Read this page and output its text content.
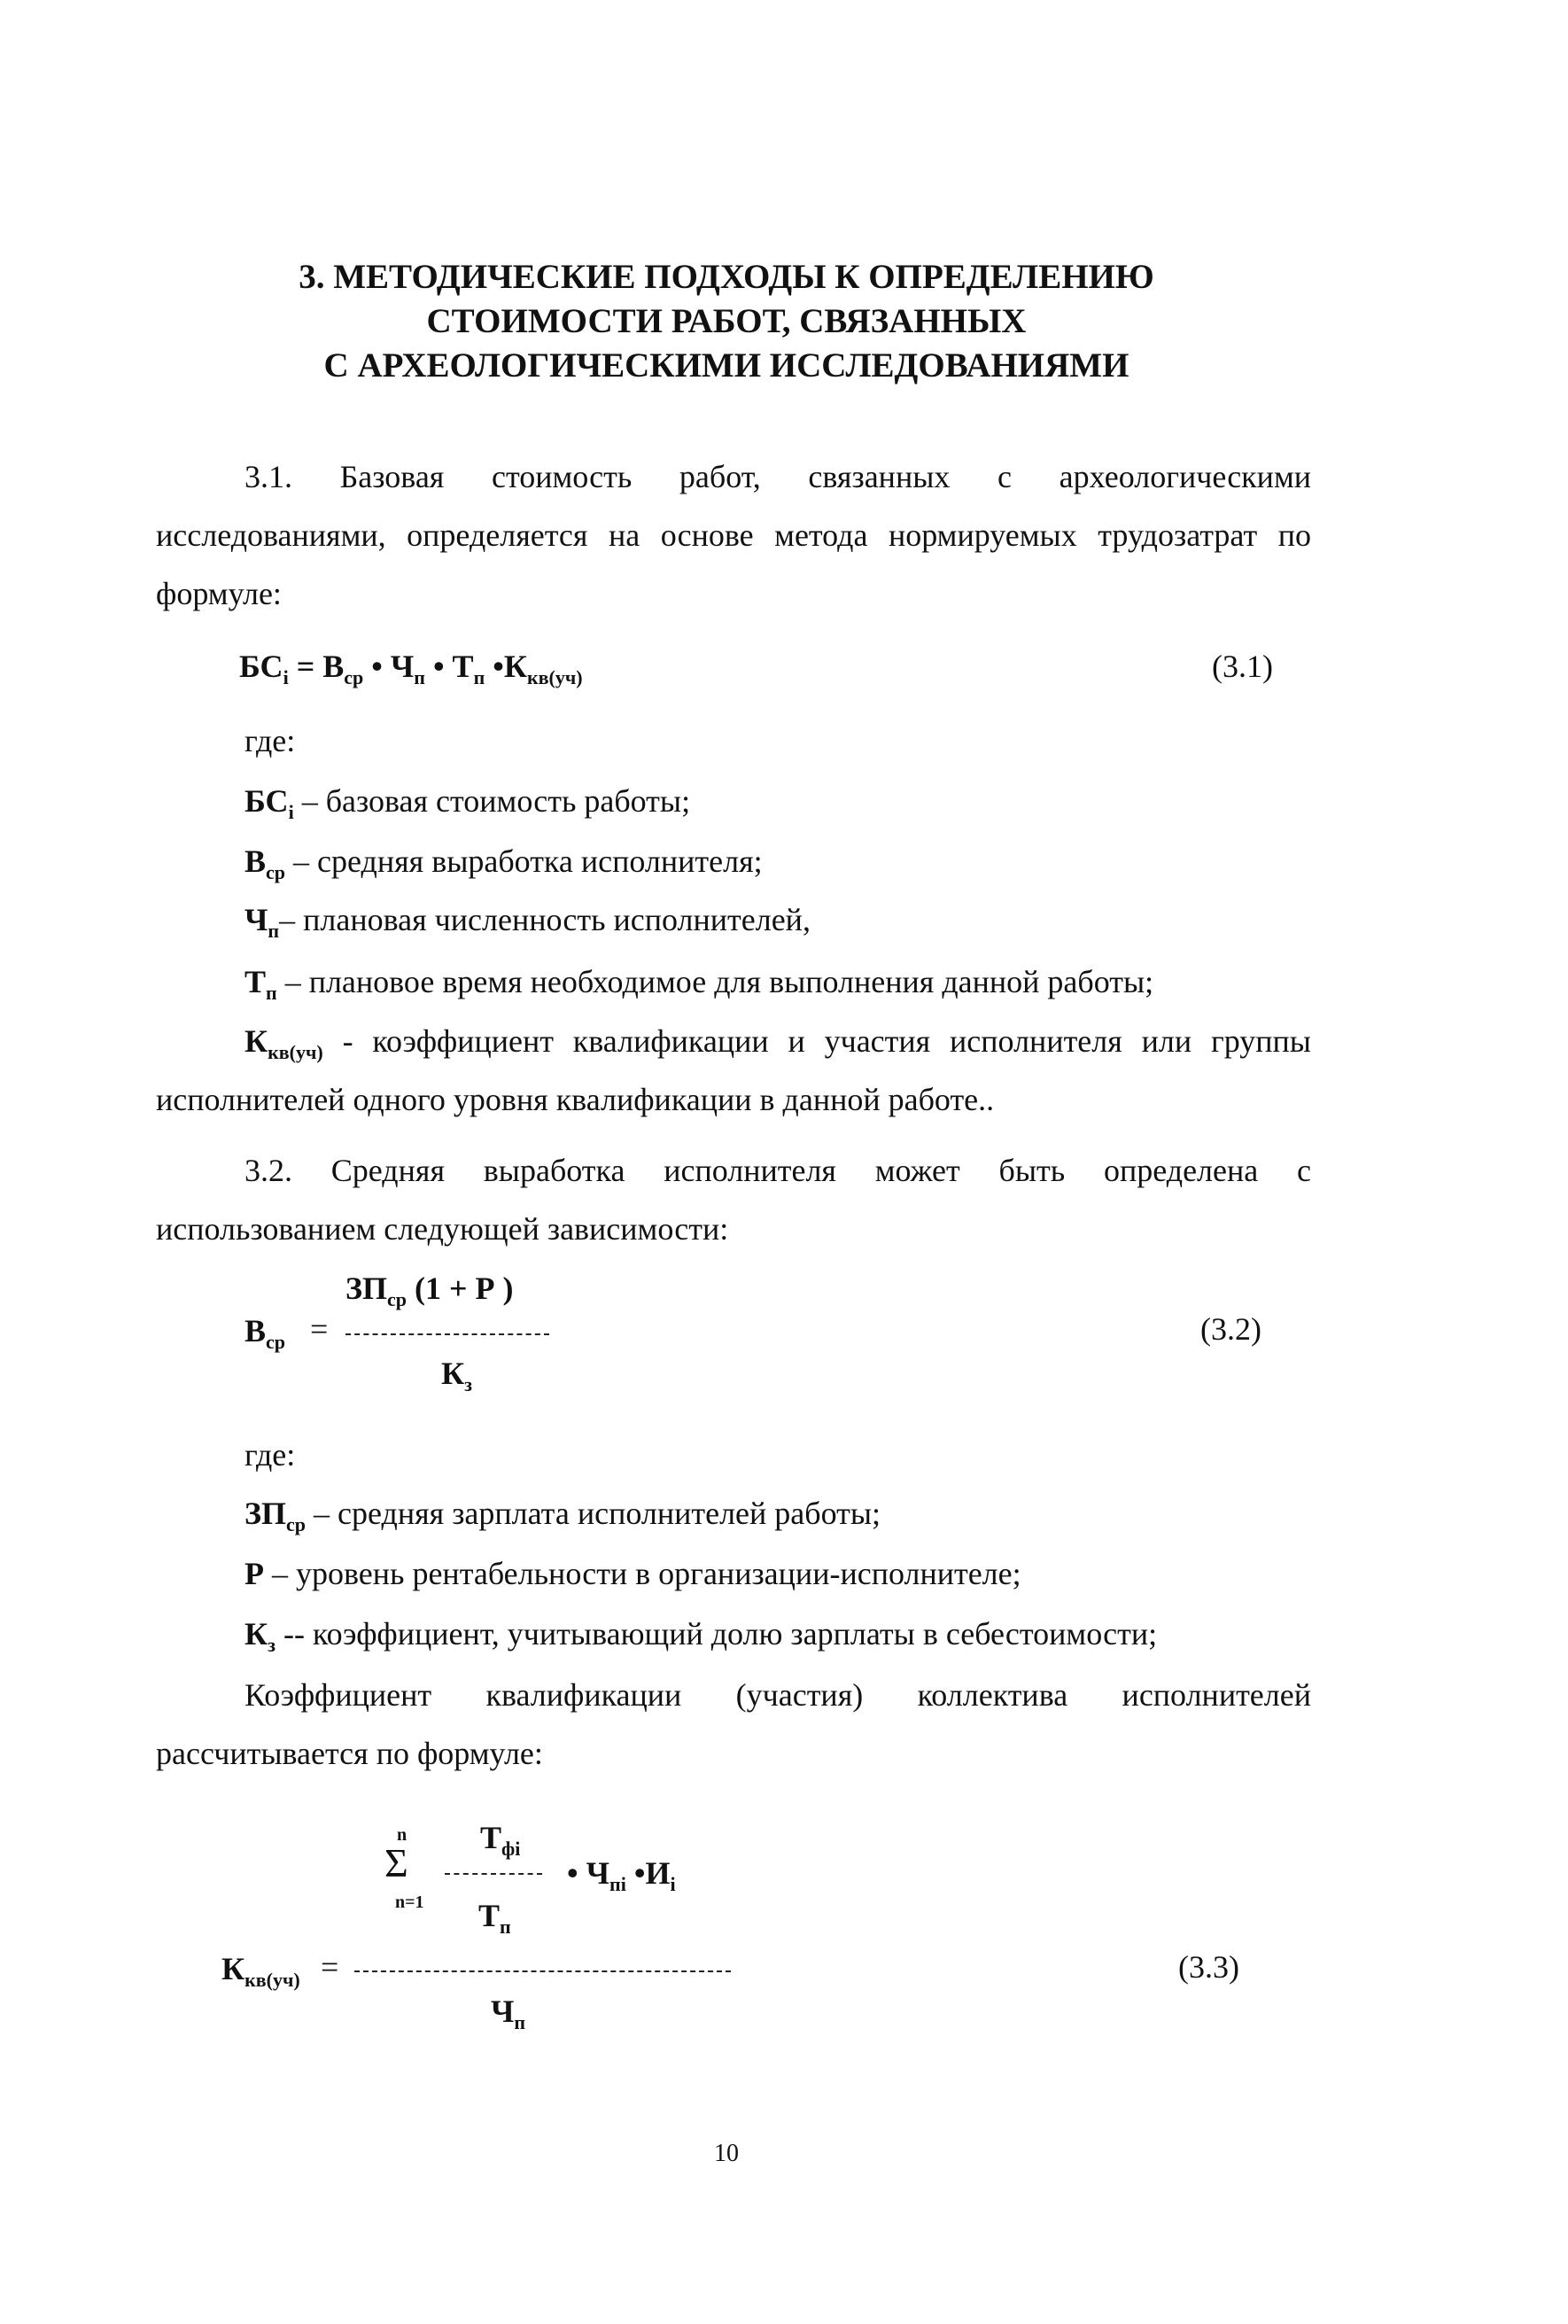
3. МЕТОДИЧЕСКИЕ ПОДХОДЫ К ОПРЕДЕЛЕНИЮ
СТОИМОСТИ РАБОТ, СВЯЗАННЫХ
С АРХЕОЛОГИЧЕСКИМИ ИССЛЕДОВАНИЯМИ
3.1. Базовая стоимость работ, связанных с археологическими исследованиями, определяется на основе метода нормируемых трудозатрат по формуле:
$БС_i = В_{ср}$ • $Ч_п$ • $Т_п$ $•К_{кв(уч)}$	(3.1)
где:
$БС_i$ – базовая стоимость работы;
$В_{ср}$ – средняя выработка исполнителя;
$Ч_п-$ плановая численность исполнителей,
$Т_п$ – плановое время необходимое для выполнения данной работы;
$К_{кв(уч)}$ - коэффициент квалификации и участия исполнителя или группы исполнителей одного уровня квалификации в данной работе..
3.2. Средняя выработка исполнителя может быть определена с использованием следующей зависимости:
$ЗП_{ср}$ (1 + Р )
$В_{ср}$ =
$К_з$
(3.2)
где:
$ЗП_{ср}$ – средняя зарплата исполнителей работы;
Р – уровень рентабельности в организации-исполнителе;
$К_з$ -- коэффициент, учитывающий долю зарплаты в себестоимости;
Коэффициент квалификации (участия) коллектива исполнителей рассчитывается по формуле:
n
Σ
n=1
$Т_{фi}$
$Т_п$
• $Ч_{пi}$ $•И_i$
$К_{кв(уч)}$ =
$Ч_п$
(3.3)
10
